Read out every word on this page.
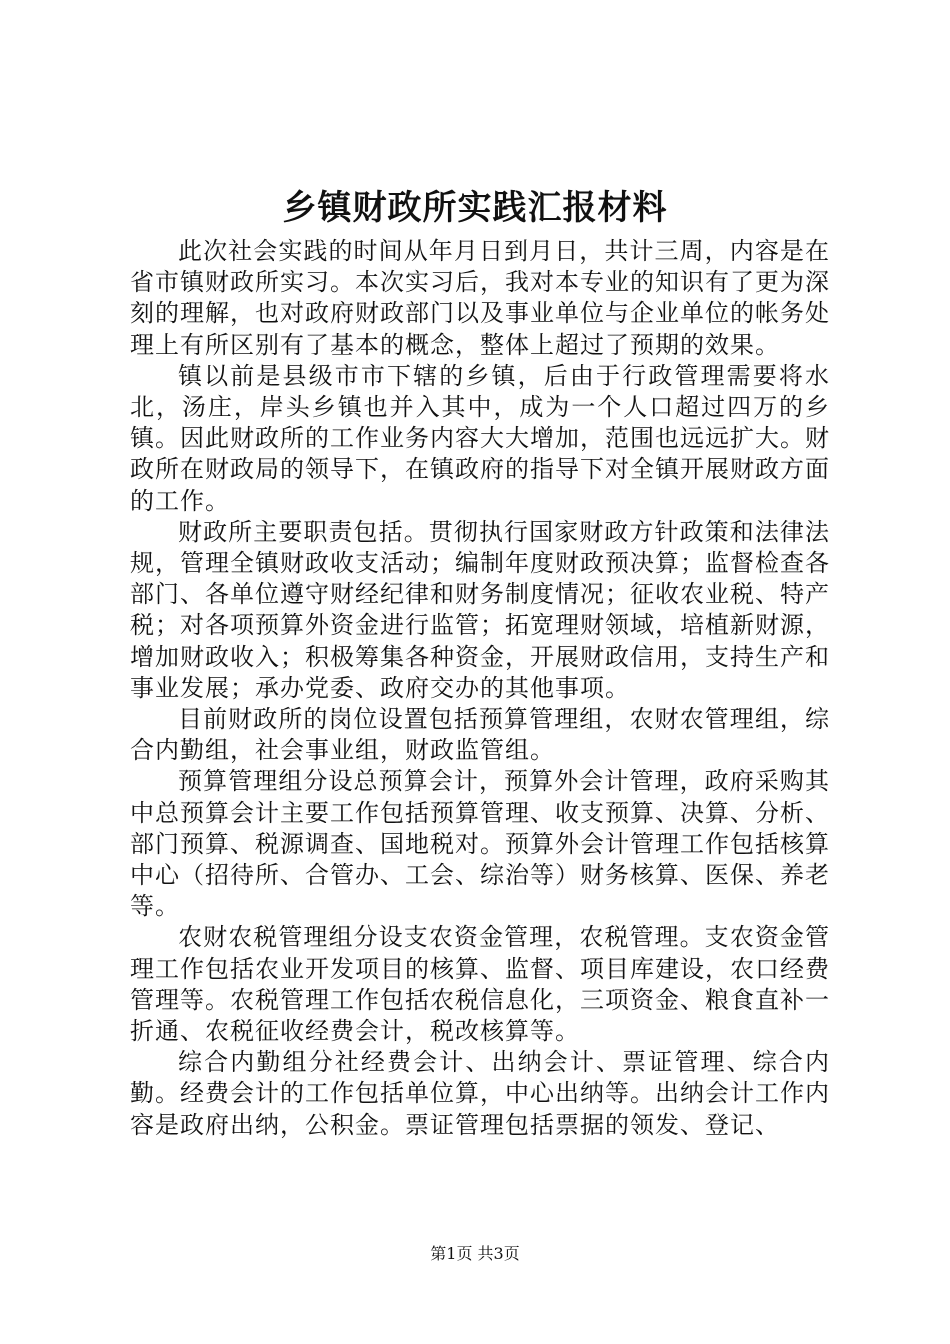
乡镇财政所实践汇报材料

此次社会实践的时间从年月日到月日，共计三周，内容是在省市镇财政所实习。本次实习后，我对本专业的知识有了更为深刻的理解，也对政府财政部门以及事业单位与企业单位的帐务处理上有所区别有了基本的概念，整体上超过了预期的效果。

镇以前是县级市市下辖的乡镇，后由于行政管理需要将水北，汤庄，岸头乡镇也并入其中，成为一个人口超过四万的乡镇。因此财政所的工作业务内容大大增加，范围也远远扩大。财政所在财政局的领导下，在镇政府的指导下对全镇开展财政方面的工作。

财政所主要职责包括。贯彻执行国家财政方针政策和法律法规，管理全镇财政收支活动；编制年度财政预决算；监督检查各部门、各单位遵守财经纪律和财务制度情况；征收农业税、特产税；对各项预算外资金进行监管；拓宽理财领域，培植新财源，增加财政收入；积极筹集各种资金，开展财政信用，支持生产和事业发展；承办党委、政府交办的其他事项。

目前财政所的岗位设置包括预算管理组，农财农管理组，综合内勤组，社会事业组，财政监管组。

预算管理组分设总预算会计，预算外会计管理，政府采购其中总预算会计主要工作包括预算管理、收支预算、决算、分析、部门预算、税源调查、国地税对。预算外会计管理工作包括核算中心（招待所、合管办、工会、综治等）财务核算、医保、养老等。

农财农税管理组分设支农资金管理，农税管理。支农资金管理工作包括农业开发项目的核算、监督、项目库建设，农口经费管理等。农税管理工作包括农税信息化，三项资金、粮食直补一折通、农税征收经费会计，税改核算等。

综合内勤组分社经费会计、出纳会计、票证管理、综合内勤。经费会计的工作包括单位算，中心出纳等。出纳会计工作内容是政府出纳，公积金。票证管理包括票据的领发、登记、

第1页 共3页
